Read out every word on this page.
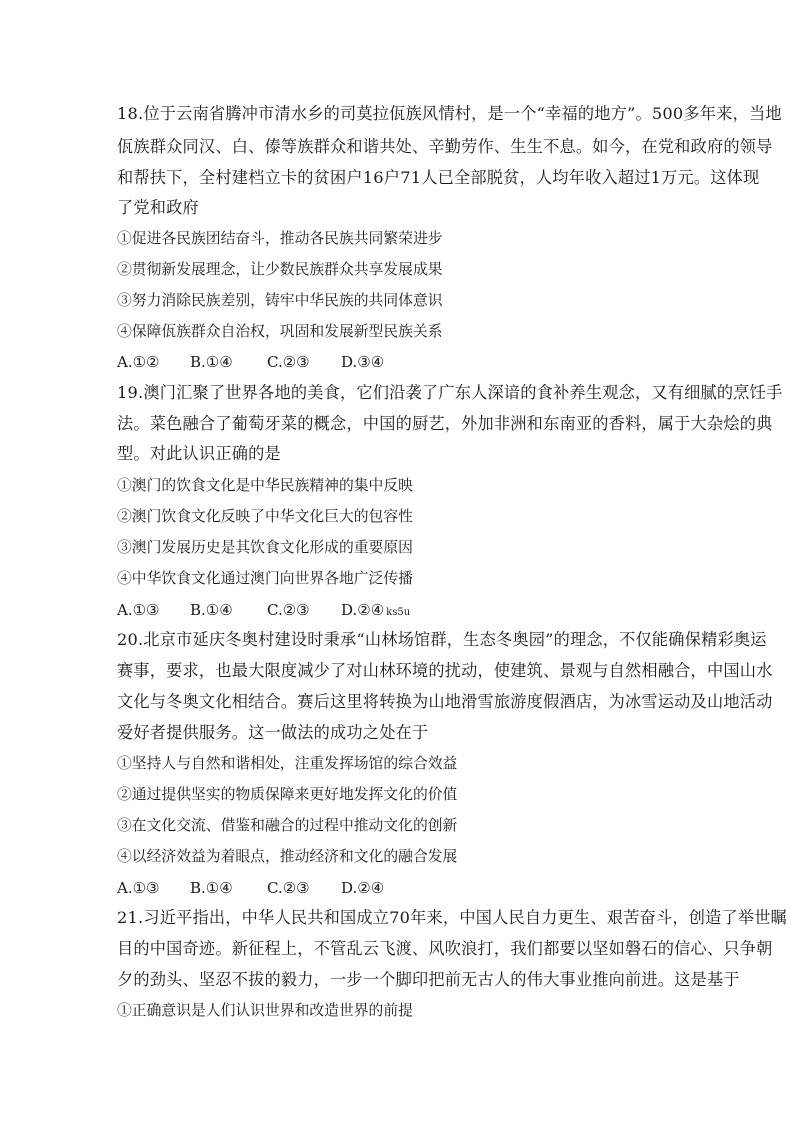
18.位于云南省腾冲市清水乡的司莫拉佤族风情村，是一个“幸福的地方”。500多年来，当地
佤族群众同汉、白、傣等族群众和谐共处、辛勤劳作、生生不息。如今，在党和政府的领导
和帮扶下，全村建档立卡的贫困户16户71人已全部脱贫，人均年收入超过1万元。这体现
了党和政府
①促进各民族团结奋斗，推动各民族共同繁荣进步
②贯彻新发展理念，让少数民族群众共享发展成果
③努力消除民族差别，铸牢中华民族的共同体意识
④保障佤族群众自治权，巩固和发展新型民族关系
A.①② B.①④ C.②③ D.③④
19.澳门汇聚了世界各地的美食，它们沿袭了广东人深谙的食补养生观念，又有细腻的烹饪手
法。菜色融合了葡萄牙菜的概念，中国的厨艺，外加非洲和东南亚的香料，属于大杂烩的典
型。对此认识正确的是
①澳门的饮食文化是中华民族精神的集中反映
②澳门饮食文化反映了中华文化巨大的包容性
③澳门发展历史是其饮食文化形成的重要原因
④中华饮食文化通过澳门向世界各地广泛传播
A.①③ B.①④ C.②③ D.②④ ks5u
20.北京市延庆冬奥村建设时秉承“山林场馆群，生态冬奥园”的理念，不仅能确保精彩奥运
赛事，要求，也最大限度减少了对山林环境的扰动，使建筑、景观与自然相融合，中国山水
文化与冬奥文化相结合。赛后这里将转换为山地滑雪旅游度假酒店，为冰雪运动及山地活动
爱好者提供服务。这一做法的成功之处在于
①坚持人与自然和谐相处，注重发挥场馆的综合效益
②通过提供坚实的物质保障来更好地发挥文化的价值
③在文化交流、借鉴和融合的过程中推动文化的创新
④以经济效益为着眼点，推动经济和文化的融合发展
A.①③ B.①④ C.②③ D.②④
21.习近平指出，中华人民共和国成立70年来，中国人民自力更生、艰苦奋斗，创造了举世瞩
目的中国奇迹。新征程上，不管乱云飞渡、风吹浪打，我们都要以坚如磐石的信心、只争朝
夕的劲头、坚忍不拔的毅力，一步一个脚印把前无古人的伟大事业推向前进。这是基于
①正确意识是人们认识世界和改造世界的前提
